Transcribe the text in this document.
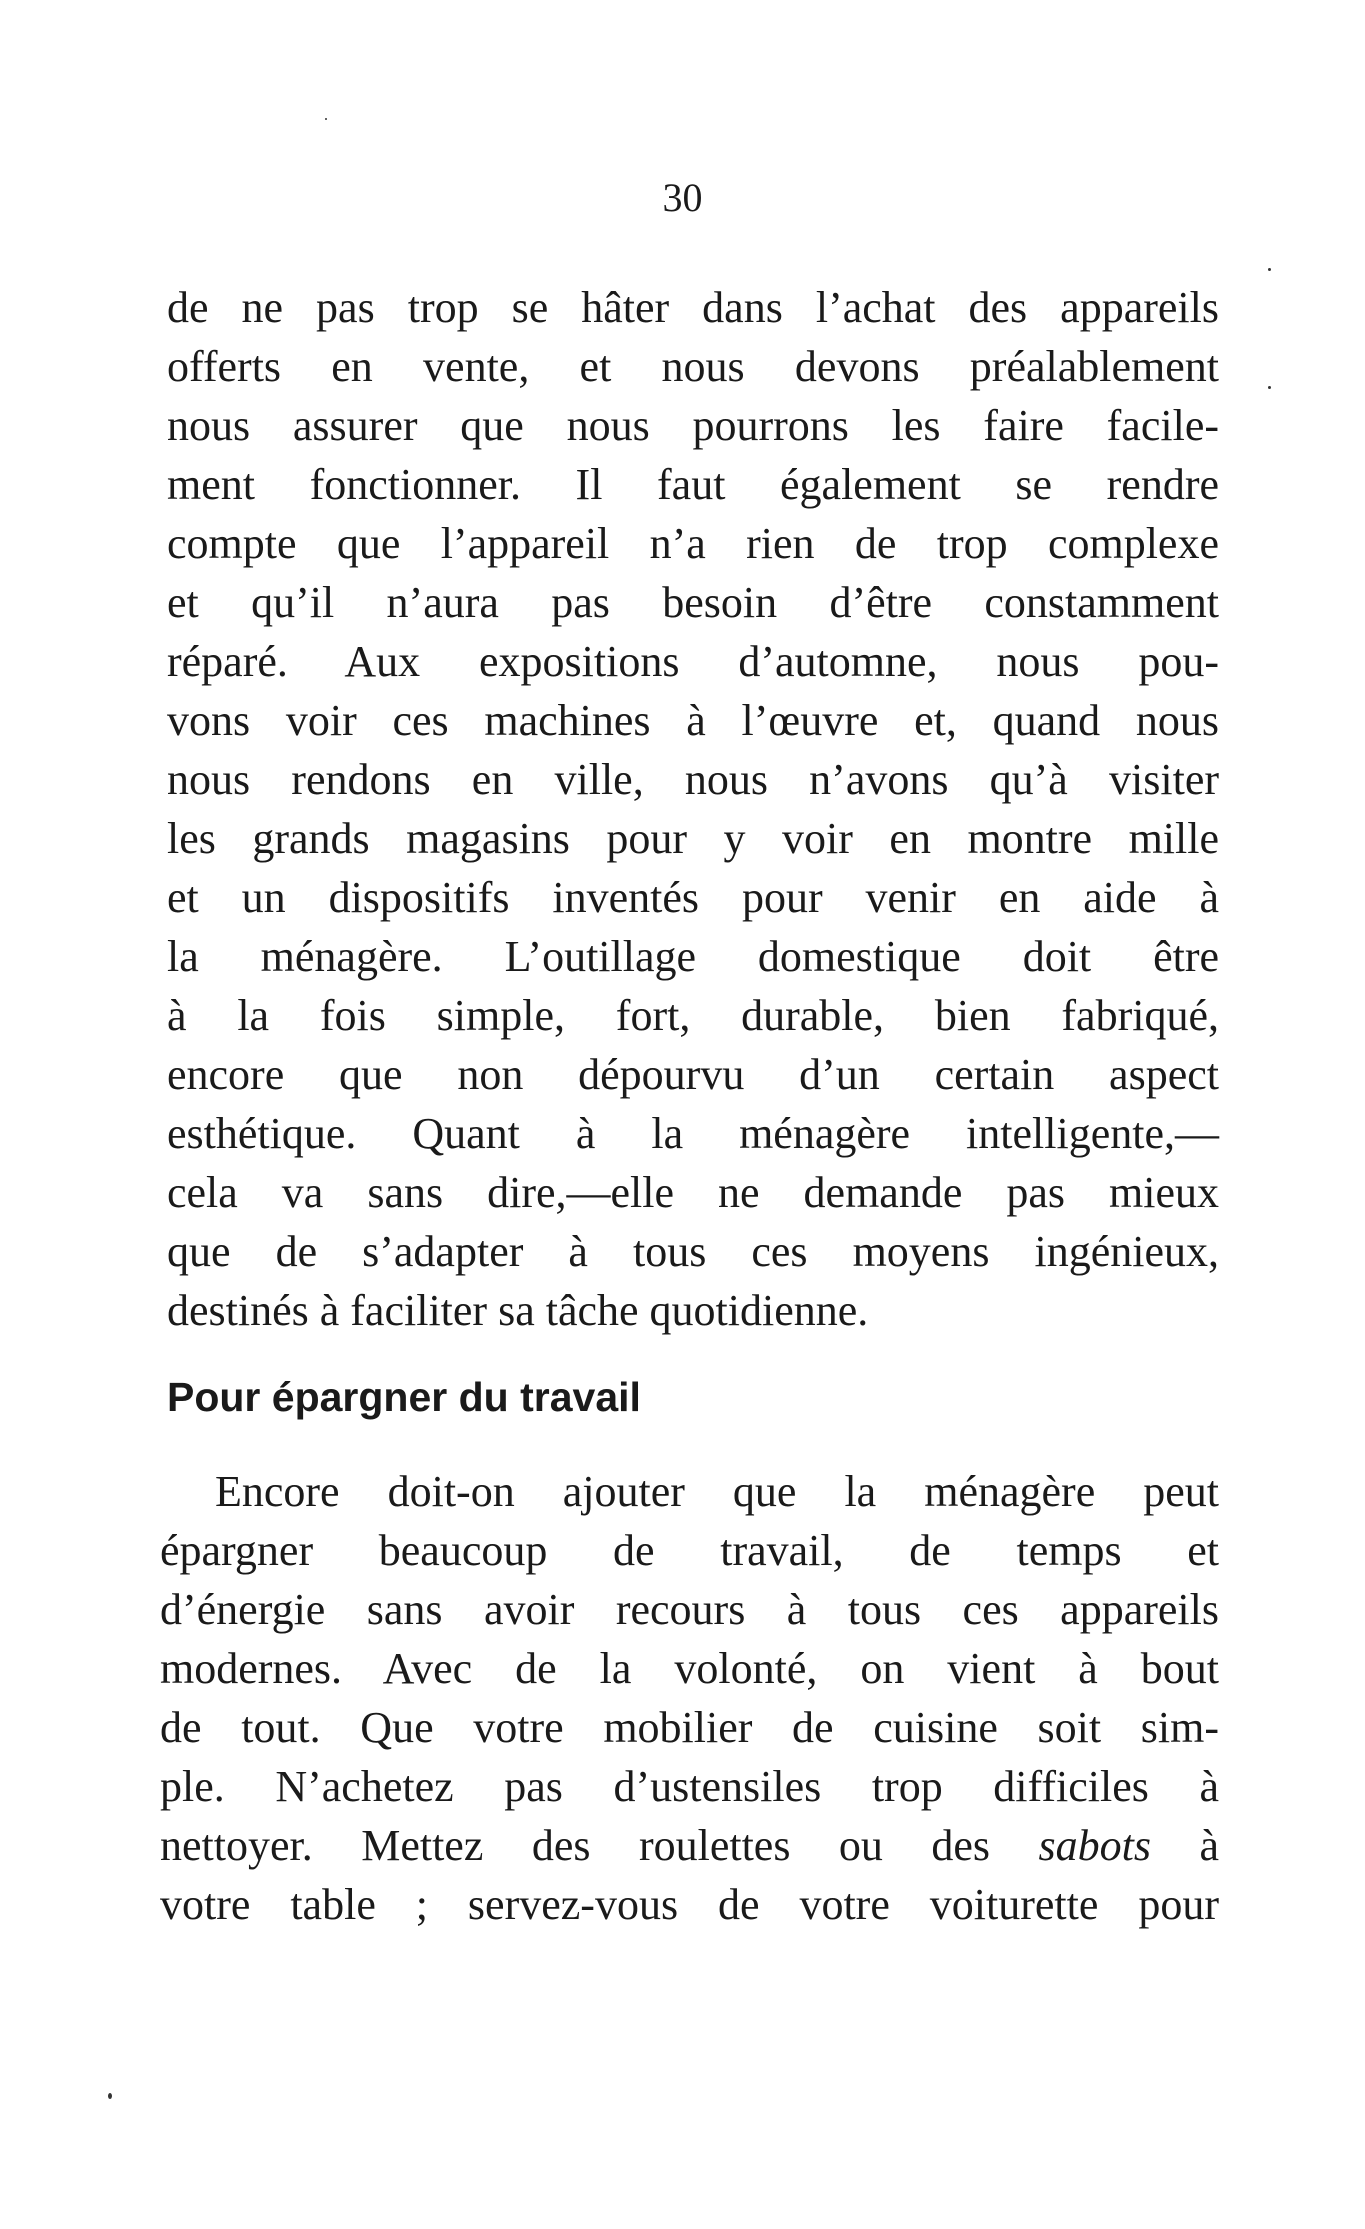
30
de ne pas trop se hâter dans l’achat des appareils
offerts en vente, et nous devons préalablement
nous assurer que nous pourrons les faire facile-
ment fonctionner. Il faut également se rendre
compte que l’appareil n’a rien de trop complexe
et qu’il n’aura pas besoin d’être constamment
réparé. Aux expositions d’automne, nous pou-
vons voir ces machines à l’œuvre et, quand nous
nous rendons en ville, nous n’avons qu’à visiter
les grands magasins pour y voir en montre mille
et un dispositifs inventés pour venir en aide à
la ménagère. L’outillage domestique doit être
à la fois simple, fort, durable, bien fabriqué,
encore que non dépourvu d’un certain aspect
esthétique. Quant à la ménagère intelligente,—
cela va sans dire,—elle ne demande pas mieux
que de s’adapter à tous ces moyens ingénieux,
destinés à faciliter sa tâche quotidienne.
Pour épargner du travail
Encore doit-on ajouter que la ménagère peut
épargner beaucoup de travail, de temps et
d’énergie sans avoir recours à tous ces appareils
modernes. Avec de la volonté, on vient à bout
de tout. Que votre mobilier de cuisine soit sim-
ple. N’achetez pas d’ustensiles trop difficiles à
nettoyer. Mettez des roulettes ou des sabots à
votre table ; servez-vous de votre voiturette pour
